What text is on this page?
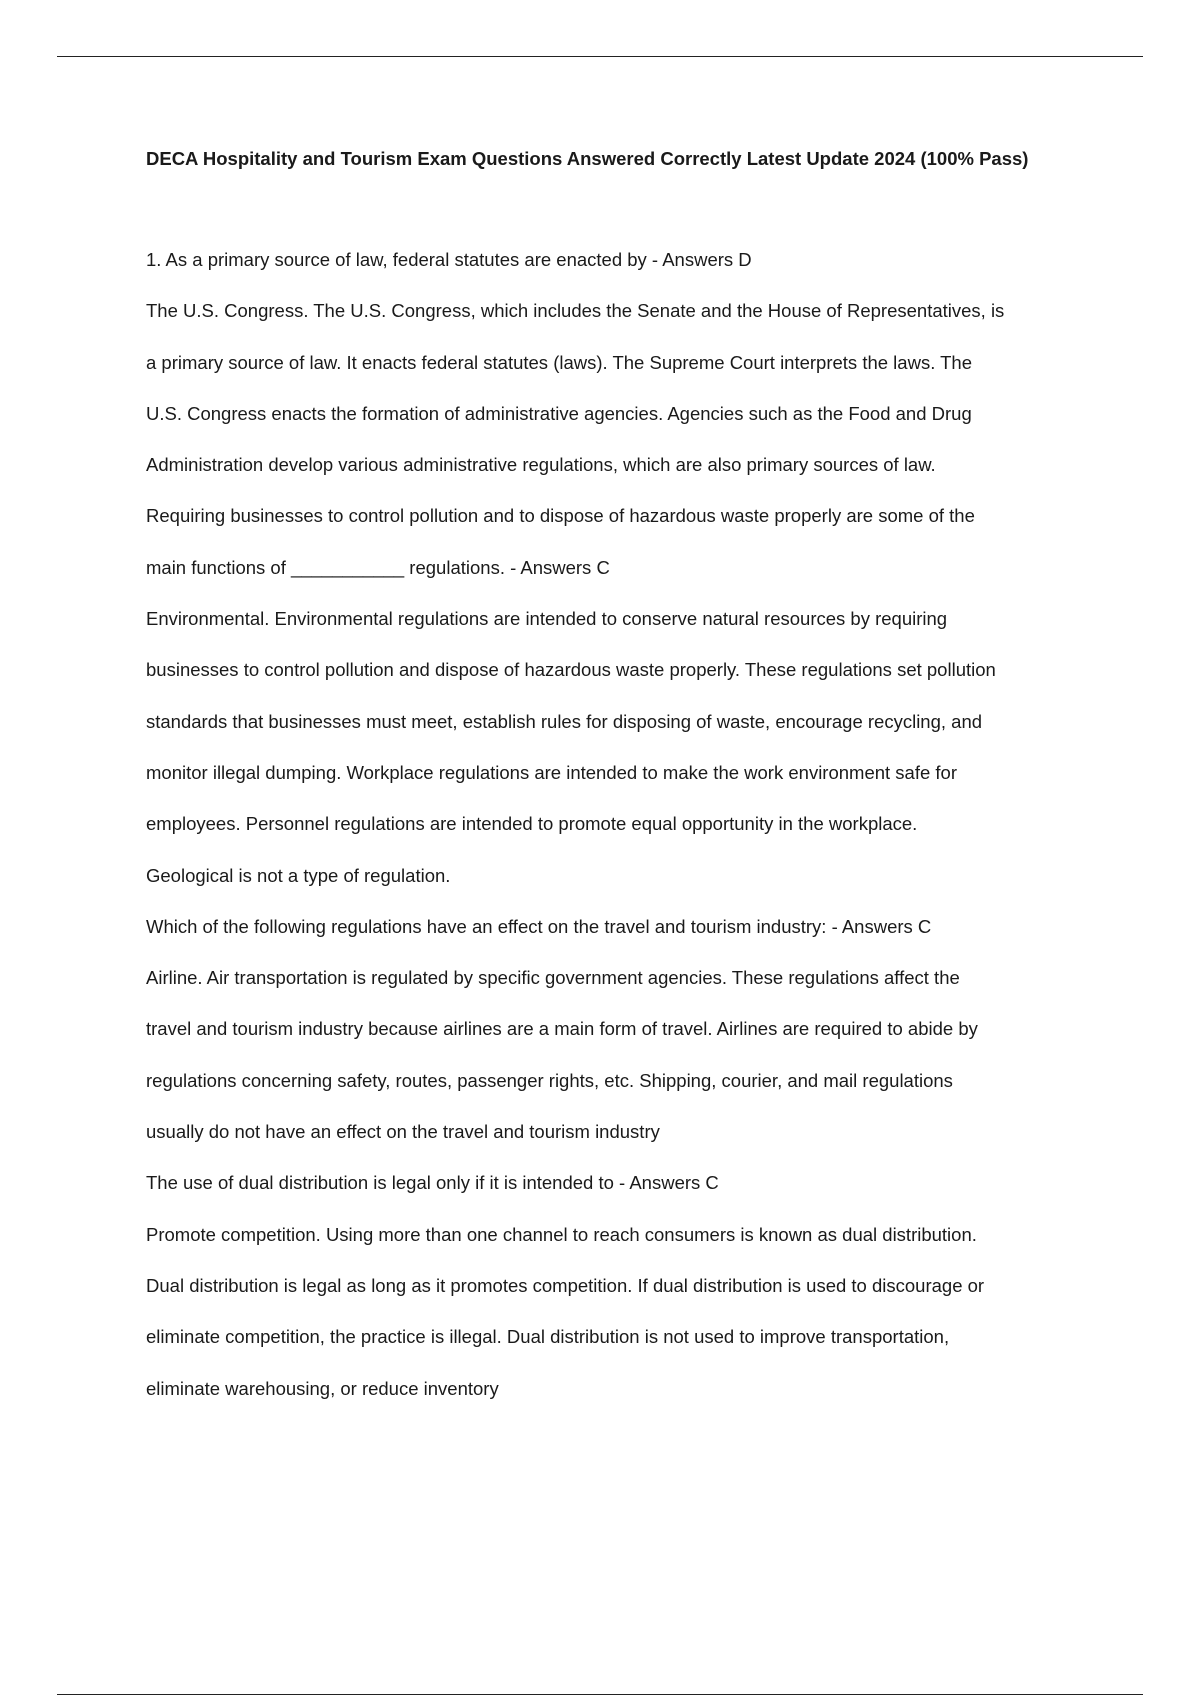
DECA Hospitality and Tourism Exam Questions Answered Correctly Latest Update 2024 (100% Pass)

1. As a primary source of law, federal statutes are enacted by - Answers D

The U.S. Congress. The U.S. Congress, which includes the Senate and the House of Representatives, is

a primary source of law. It enacts federal statutes (laws). The Supreme Court interprets the laws. The

U.S. Congress enacts the formation of administrative agencies. Agencies such as the Food and Drug

Administration develop various administrative regulations, which are also primary sources of law.

Requiring businesses to control pollution and to dispose of hazardous waste properly are some of the

main functions of ___________ regulations. - Answers C

Environmental. Environmental regulations are intended to conserve natural resources by requiring

businesses to control pollution and dispose of hazardous waste properly. These regulations set pollution

standards that businesses must meet, establish rules for disposing of waste, encourage recycling, and

monitor illegal dumping. Workplace regulations are intended to make the work environment safe for

employees. Personnel regulations are intended to promote equal opportunity in the workplace.

Geological is not a type of regulation.

Which of the following regulations have an effect on the travel and tourism industry: - Answers C

Airline. Air transportation is regulated by specific government agencies. These regulations affect the

travel and tourism industry because airlines are a main form of travel. Airlines are required to abide by

regulations concerning safety, routes, passenger rights, etc. Shipping, courier, and mail regulations

usually do not have an effect on the travel and tourism industry

The use of dual distribution is legal only if it is intended to - Answers C

Promote competition. Using more than one channel to reach consumers is known as dual distribution.

Dual distribution is legal as long as it promotes competition. If dual distribution is used to discourage or

eliminate competition, the practice is illegal. Dual distribution is not used to improve transportation,

eliminate warehousing, or reduce inventory
